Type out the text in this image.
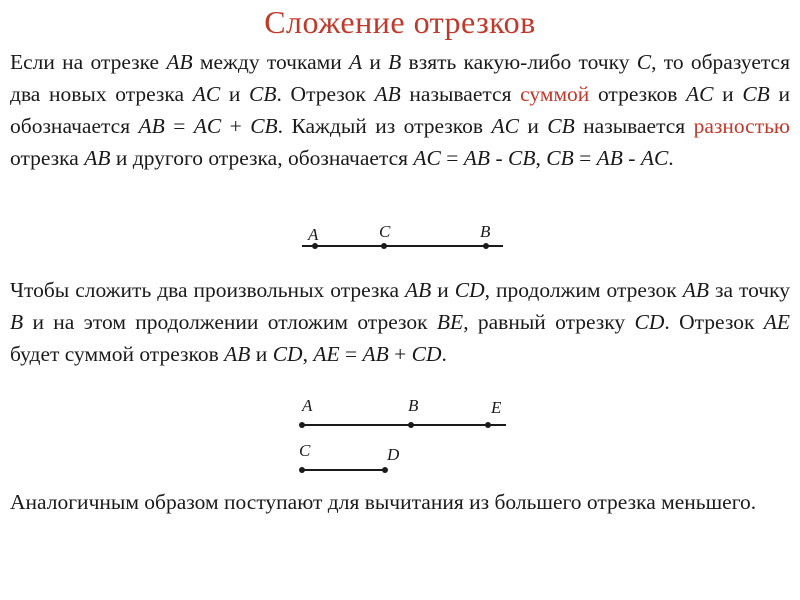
Сложение отрезков

Если на отрезке AB между точками A и B взять какую-либо точку C, то образуется два новых отрезка AC и CB. Отрезок AB называется суммой отрезков AC и CB и обозначается AB = AC + CB. Каждый из отрезков AC и CB называется разностью отрезка AB и другого отрезка, обозначается AC = AB - CB, CB = AB - AC.

A	C	B

Чтобы сложить два произвольных отрезка AB и CD, продолжим отрезок AB за точку B и на этом продолжении отложим отрезок BE, равный отрезку CD. Отрезок AE будет суммой отрезков AB и CD, AE = AB + CD.

A	B	E
C	D

Аналогичным образом поступают для вычитания из большего отрезка меньшего.
